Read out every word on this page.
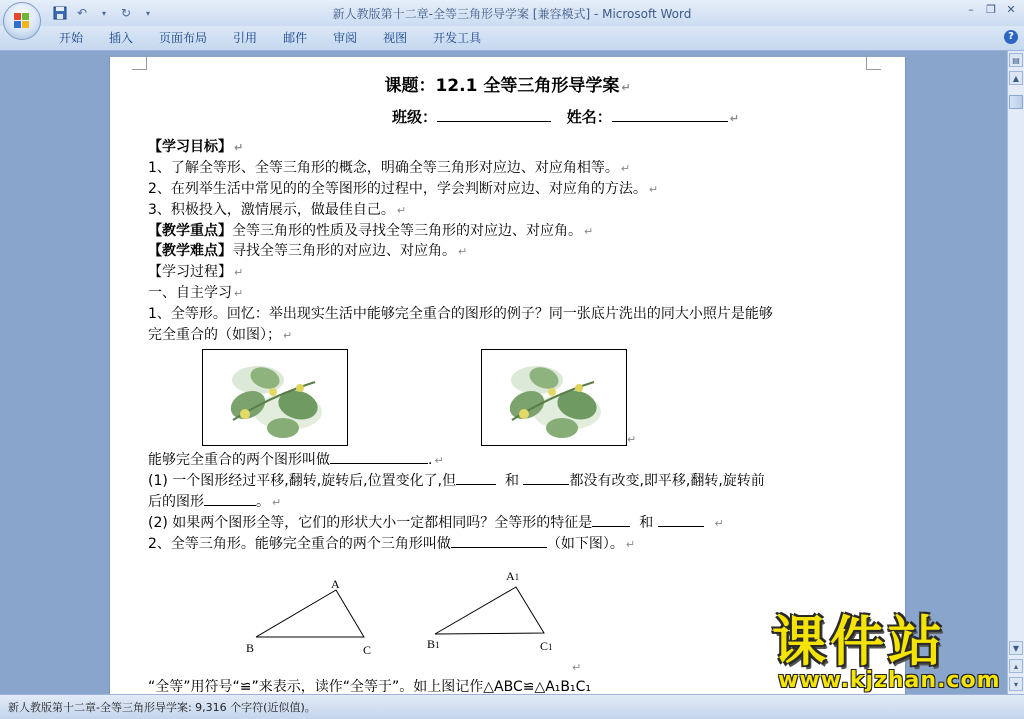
↶	▾	↻	▾	新人教版第十二章-全等三角形导学案 [兼容模式] - Microsoft Word	–	❐ ✕
开始	插入	页面布局	引用	邮件	审阅	视图	开发工具	?
课题：12.1 全等三角形导学案 ↵
班级：	姓名：	↵
【学习目标】 ↵
1、了解全等形、全等三角形的概念，明确全等三角形对应边、对应角相等。 ↵
2、在列举生活中常见的的全等图形的过程中，学会判断对应边、对应角的方法。 ↵
3、积极投入，激情展示，做最佳自己。 ↵
【教学重点】全等三角形的性质及寻找全等三角形的对应边、对应角。 ↵
【教学难点】寻找全等三角形的对应边、对应角。 ↵
【学习过程】 ↵
一、自主学习 ↵
1、全等形。回忆：举出现实生活中能够完全重合的图形的例子？同一张底片洗出的同大小照片是能够
完全重合的（如图）； ↵
↵
能够完全重合的两个图形叫做	. ↵
(1) 一个图形经过平移,翻转,旋转后,位置变化了,但	和	都没有改变,即平移,翻转,旋转前
后的图形	。 ↵
(2) 如果两个图形全等，它们的形状大小一定都相同吗？全等形的特征是	和	↵
2、全等三角形。能够完全重合的两个三角形叫做	（如下图）。 ↵
A
B	C
A1
B1	C1
↵
“全等”用符号“≌”来表示，读作“全等于”。如上图记作△ABC≌△A₁B₁C₁
▤
▲
▼
▴
▾
新人教版第十二章-全等三角形导学案: 9,316 个字符(近似值)。
课件站
www.kjzhan.com
